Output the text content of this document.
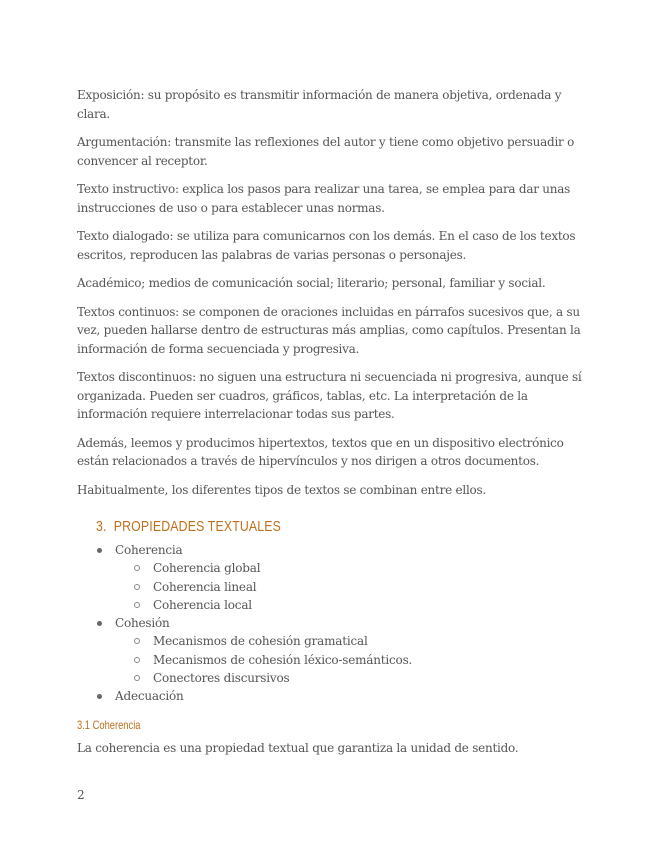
Exposición: su propósito es transmitir información de manera objetiva, ordenada y clara.

Argumentación: transmite las reflexiones del autor y tiene como objetivo persuadir o convencer al receptor.

Texto instructivo: explica los pasos para realizar una tarea, se emplea para dar unas instrucciones de uso o para establecer unas normas.

Texto dialogado: se utiliza para comunicarnos con los demás. En el caso de los textos escritos, reproducen las palabras de varias personas o personajes.

Académico; medios de comunicación social; literario; personal, familiar y social.

Textos continuos: se componen de oraciones incluidas en párrafos sucesivos que, a su vez, pueden hallarse dentro de estructuras más amplias, como capítulos. Presentan la información de forma secuenciada y progresiva.

Textos discontinuos: no siguen una estructura ni secuenciada ni progresiva, aunque sí organizada. Pueden ser cuadros, gráficos, tablas, etc. La interpretación de la información requiere interrelacionar todas sus partes.

Además, leemos y producimos hipertextos, textos que en un dispositivo electrónico están relacionados a través de hipervínculos y nos dirigen a otros documentos.

Habitualmente, los diferentes tipos de textos se combinan entre ellos.

3. PROPIEDADES TEXTUALES
Coherencia
Coherencia global
Coherencia lineal
Coherencia local
Cohesión
Mecanismos de cohesión gramatical
Mecanismos de cohesión léxico-semánticos.
Conectores discursivos
Adecuación
3.1 Coherencia

La coherencia es una propiedad textual que garantiza la unidad de sentido.

2
